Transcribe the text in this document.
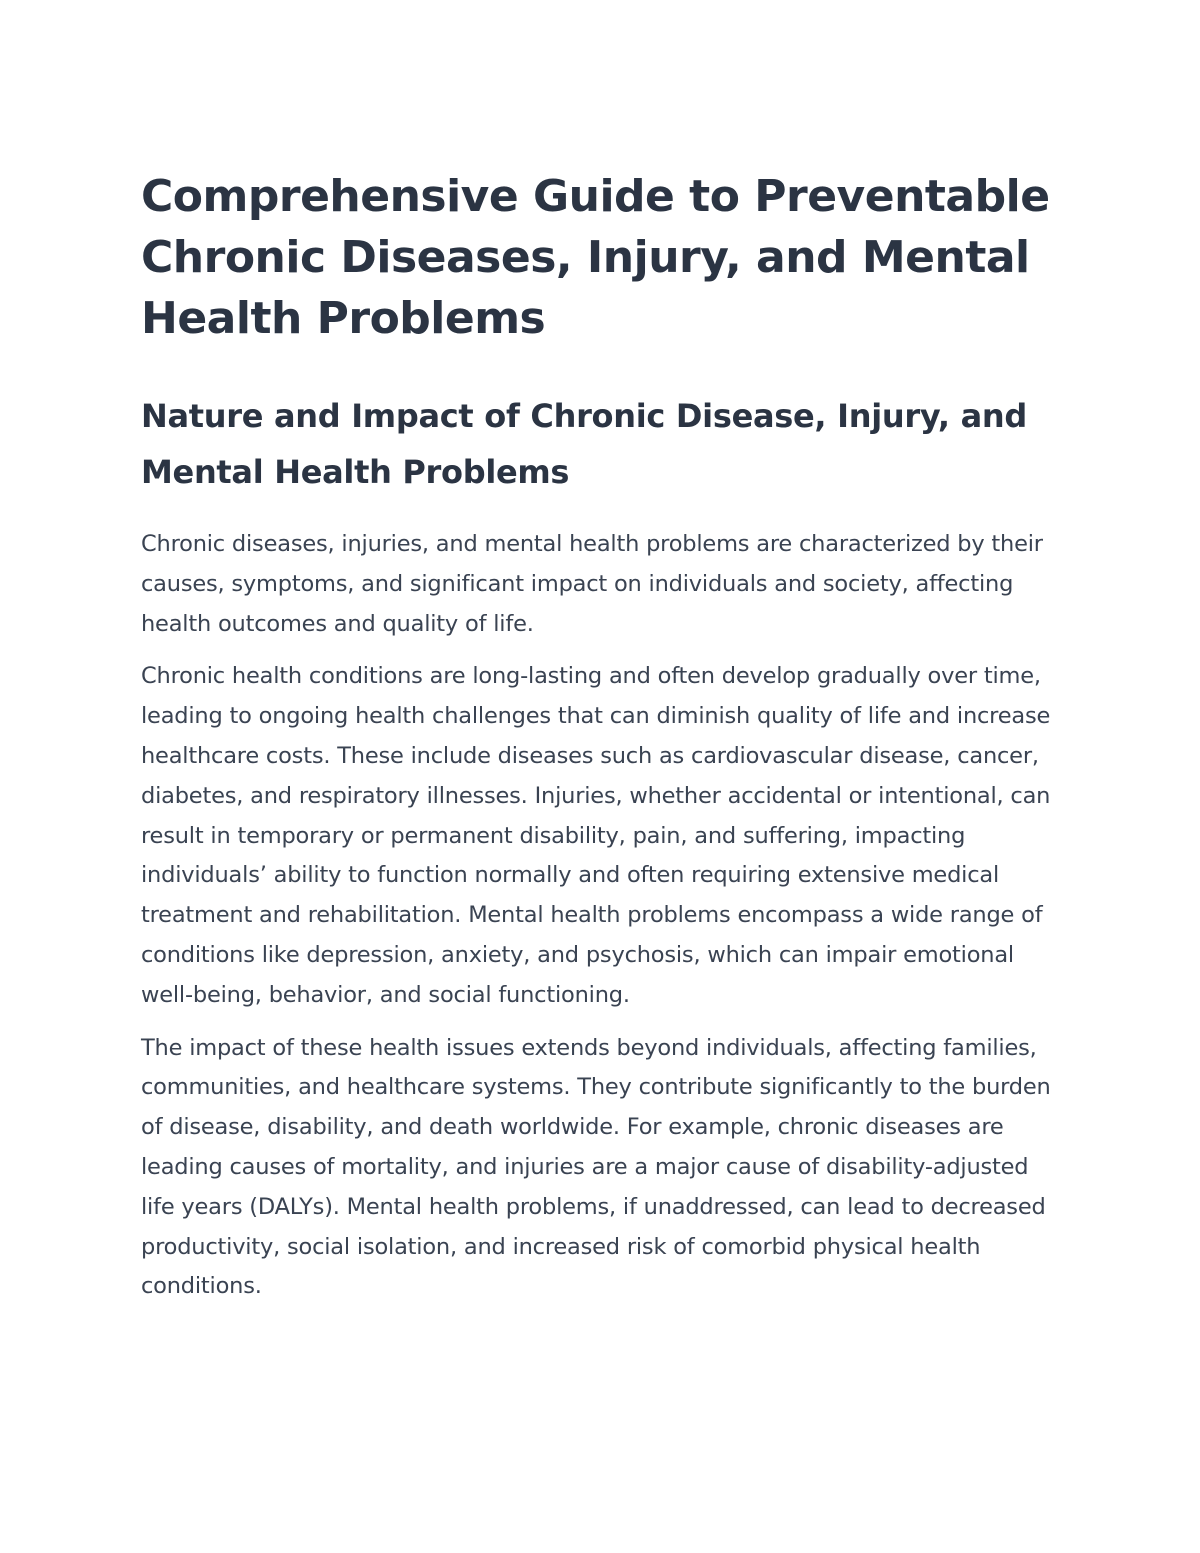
Comprehensive Guide to Preventable Chronic Diseases, Injury, and Mental Health Problems
Nature and Impact of Chronic Disease, Injury, and Mental Health Problems

Chronic diseases, injuries, and mental health problems are characterized by their causes, symptoms, and significant impact on individuals and society, affecting health outcomes and quality of life.

Chronic health conditions are long-lasting and often develop gradually over time, leading to ongoing health challenges that can diminish quality of life and increase healthcare costs. These include diseases such as cardiovascular disease, cancer, diabetes, and respiratory illnesses. Injuries, whether accidental or intentional, can result in temporary or permanent disability, pain, and suffering, impacting individuals’ ability to function normally and often requiring extensive medical treatment and rehabilitation. Mental health problems encompass a wide range of conditions like depression, anxiety, and psychosis, which can impair emotional well-being, behavior, and social functioning.

The impact of these health issues extends beyond individuals, affecting families, communities, and healthcare systems. They contribute significantly to the burden of disease, disability, and death worldwide. For example, chronic diseases are leading causes of mortality, and injuries are a major cause of disability-adjusted life years (DALYs). Mental health problems, if unaddressed, can lead to decreased productivity, social isolation, and increased risk of comorbid physical health conditions.
